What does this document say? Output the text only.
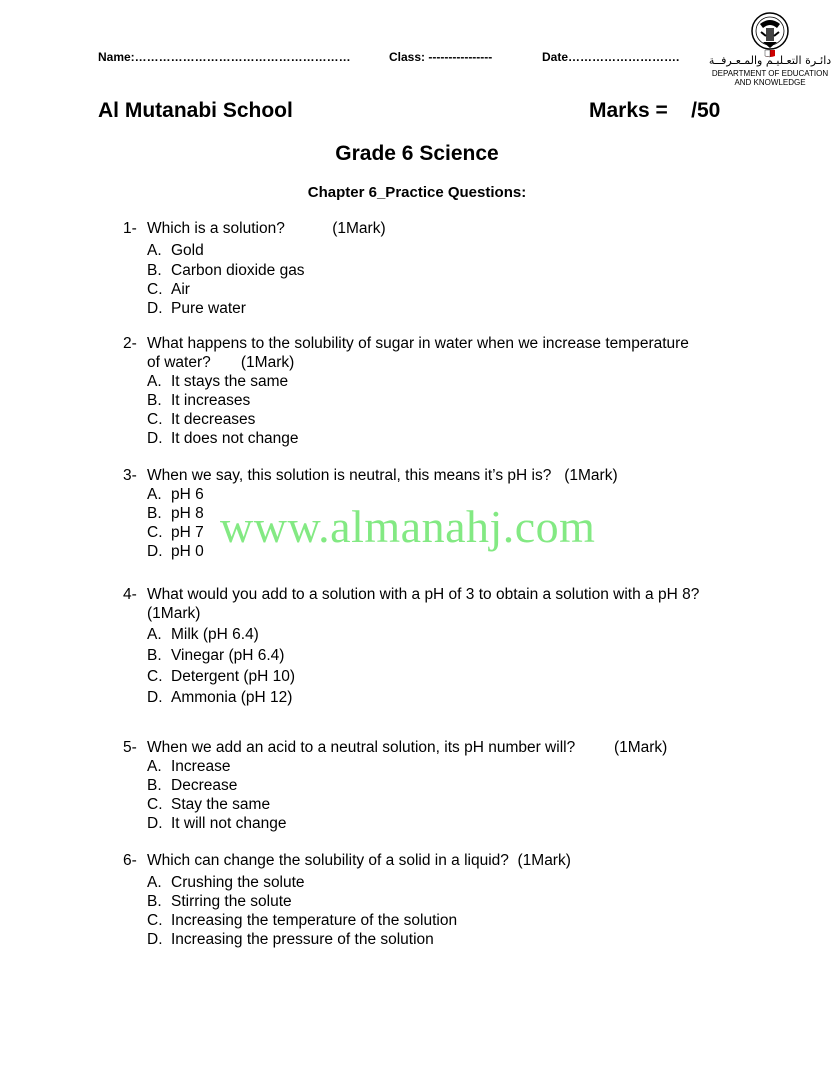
Name:………………………………………………	Class: ----------------	Date……………………….	دائـرة التعـليـم والمـعـرفــة
DEPARTMENT OF EDUCATION
AND KNOWLEDGE
Al Mutanabi School	Marks =    /50
Grade 6 Science
Chapter 6_Practice Questions:
1- Which is a solution?           (1Mark)
A. Gold
B. Carbon dioxide gas
C. Air
D. Pure water
2- What happens to the solubility of sugar in water when we increase temperature
of water?       (1Mark)
A. It stays the same
B. It increases
C. It decreases
D. It does not change
3- When we say, this solution is neutral, this means it’s pH is?   (1Mark)
A. pH 6
B. pH 8
C. pH 7
D. pH 0
4- What would you add to a solution with a pH of 3 to obtain a solution with a pH 8?
(1Mark)
A. Milk (pH 6.4)
B. Vinegar (pH 6.4)
C. Detergent (pH 10)
D. Ammonia (pH 12)
5- When we add an acid to a neutral solution, its pH number will?         (1Mark)
A. Increase
B. Decrease
C. Stay the same
D. It will not change
6- Which can change the solubility of a solid in a liquid?  (1Mark)
A. Crushing the solute
B. Stirring the solute
C. Increasing the temperature of the solution
D. Increasing the pressure of the solution
www.almanahj.com
